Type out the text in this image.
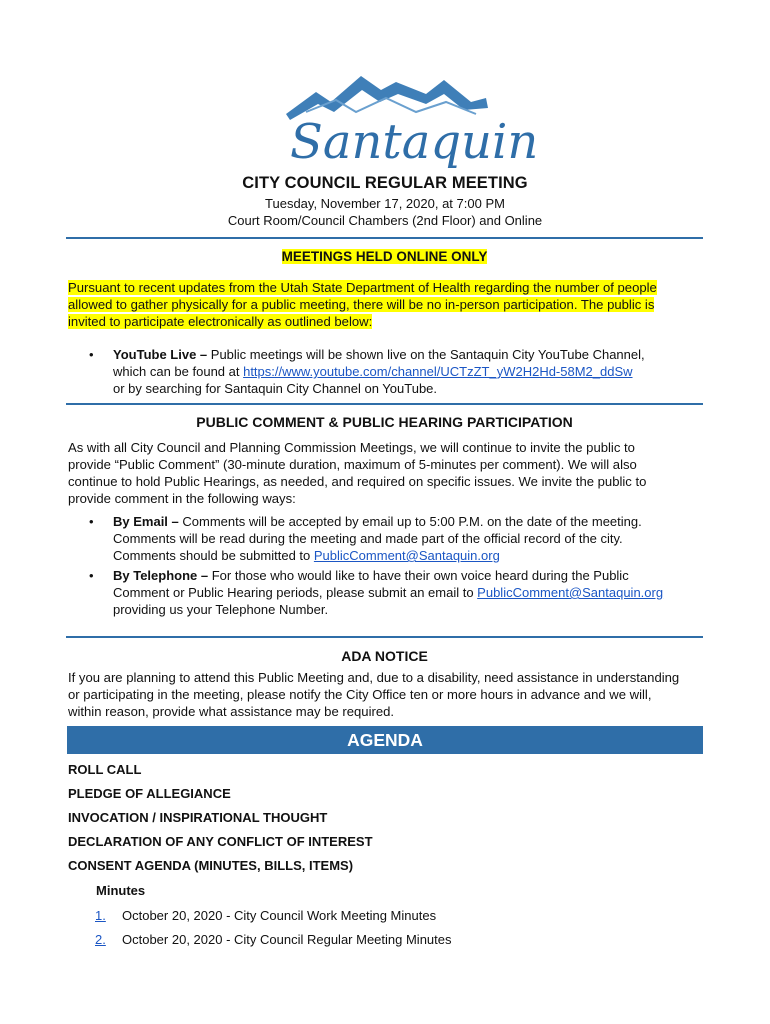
Santaquin
CITY COUNCIL REGULAR MEETING
Tuesday, November 17, 2020, at 7:00 PM
Court Room/Council Chambers (2nd Floor) and Online
MEETINGS HELD ONLINE ONLY
Pursuant to recent updates from the Utah State Department of Health regarding the number of people
allowed to gather physically for a public meeting, there will be no in-person participation. The public is
invited to participate electronically as outlined below:
• YouTube Live – Public meetings will be shown live on the Santaquin City YouTube Channel,
which can be found at https://www.youtube.com/channel/UCTzZT_yW2H2Hd-58M2_ddSw
or by searching for Santaquin City Channel on YouTube.
PUBLIC COMMENT & PUBLIC HEARING PARTICIPATION
As with all City Council and Planning Commission Meetings, we will continue to invite the public to
provide “Public Comment” (30-minute duration, maximum of 5-minutes per comment). We will also
continue to hold Public Hearings, as needed, and required on specific issues. We invite the public to
provide comment in the following ways:
• By Email – Comments will be accepted by email up to 5:00 P.M. on the date of the meeting.
Comments will be read during the meeting and made part of the official record of the city.
Comments should be submitted to PublicComment@Santaquin.org
• By Telephone – For those who would like to have their own voice heard during the Public
Comment or Public Hearing periods, please submit an email to PublicComment@Santaquin.org
providing us your Telephone Number.
ADA NOTICE
If you are planning to attend this Public Meeting and, due to a disability, need assistance in understanding
or participating in the meeting, please notify the City Office ten or more hours in advance and we will,
within reason, provide what assistance may be required.
AGENDA
ROLL CALL
PLEDGE OF ALLEGIANCE
INVOCATION / INSPIRATIONAL THOUGHT
DECLARATION OF ANY CONFLICT OF INTEREST
CONSENT AGENDA (MINUTES, BILLS, ITEMS)
Minutes
1. October 20, 2020 - City Council Work Meeting Minutes
2. October 20, 2020 - City Council Regular Meeting Minutes
